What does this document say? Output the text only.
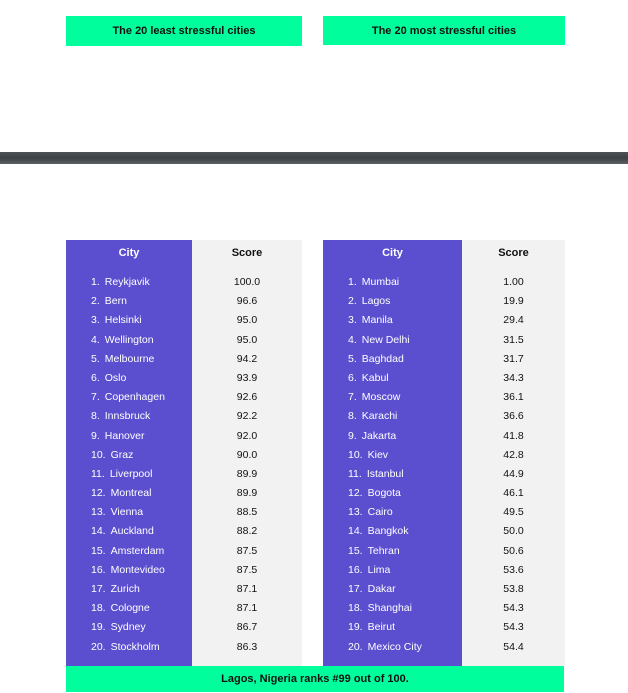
The 20 least stressful cities	The 20 most stressful cities
City
1. Reykjavik
2. Bern
3. Helsinki
4. Wellington
5. Melbourne
6. Oslo
7. Copenhagen
8. Innsbruck
9. Hanover
10. Graz
11. Liverpool
12. Montreal
13. Vienna
14. Auckland
15. Amsterdam
16. Montevideo
17. Zurich
18. Cologne
19. Sydney
20. Stockholm
Score
100.0
96.6
95.0
95.0
94.2
93.9
92.6
92.2
92.0
90.0
89.9
89.9
88.5
88.2
87.5
87.5
87.1
87.1
86.7
86.3
City
1. Mumbai
2. Lagos
3. Manila
4. New Delhi
5. Baghdad
6. Kabul
7. Moscow
8. Karachi
9. Jakarta
10. Kiev
11. Istanbul
12. Bogota
13. Cairo
14. Bangkok
15. Tehran
16. Lima
17. Dakar
18. Shanghai
19. Beirut
20. Mexico City
Score
1.00
19.9
29.4
31.5
31.7
34.3
36.1
36.6
41.8
42.8
44.9
46.1
49.5
50.0
50.6
53.6
53.8
54.3
54.3
54.4
Lagos, Nigeria ranks #99 out of 100.
